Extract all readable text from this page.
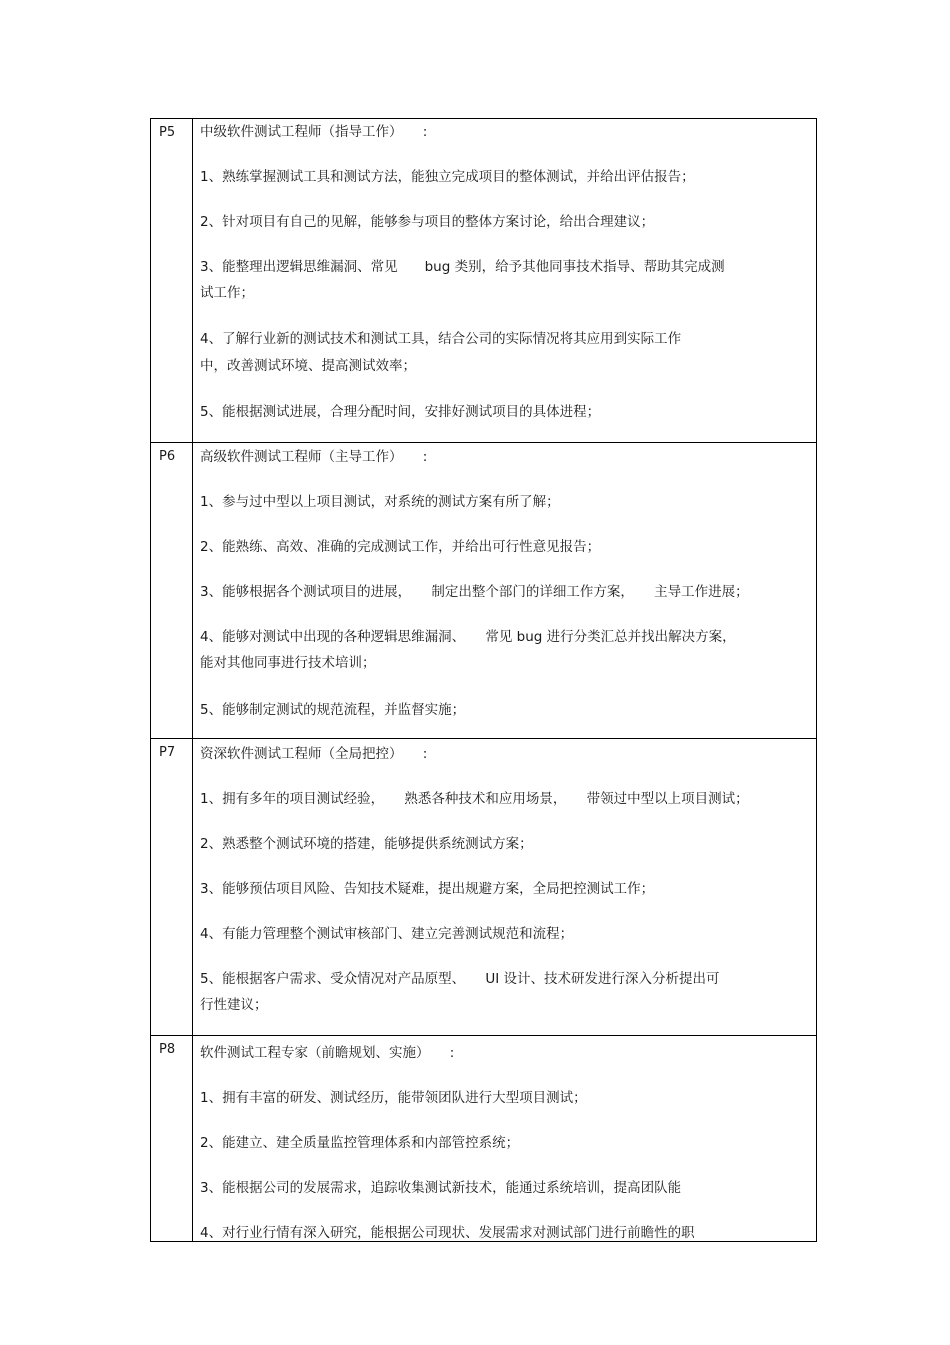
P5 中级软件测试工程师（指导工作）　　:
1、熟练掌握测试工具和测试方法，能独立完成项目的整体测试，并给出评估报告；
2、针对项目有自己的见解，能够参与项目的整体方案讨论，给出合理建议；
3、能整理出逻辑思维漏洞、常见　　bug 类别，给予其他同事技术指导、帮助其完成测
试工作；
4、了解行业新的测试技术和测试工具，结合公司的实际情况将其应用到实际工作
中，改善测试环境、提高测试效率；
5、能根据测试进展，合理分配时间，安排好测试项目的具体进程；
P6 高级软件测试工程师（主导工作）　　:
1、参与过中型以上项目测试，对系统的测试方案有所了解；
2、能熟练、高效、准确的完成测试工作，并给出可行性意见报告；
3、能够根据各个测试项目的进展，　　制定出整个部门的详细工作方案，　　主导工作进展；
4、能够对测试中出现的各种逻辑思维漏洞、　　常见 bug 进行分类汇总并找出解决方案，
能对其他同事进行技术培训；
5、能够制定测试的规范流程，并监督实施；
P7 资深软件测试工程师（全局把控）　　:
1、拥有多年的项目测试经验，　　熟悉各种技术和应用场景，　　带领过中型以上项目测试；
2、熟悉整个测试环境的搭建，能够提供系统测试方案；
3、能够预估项目风险、告知技术疑难，提出规避方案，全局把控测试工作；
4、有能力管理整个测试审核部门、建立完善测试规范和流程；
5、能根据客户需求、受众情况对产品原型、　　UI 设计、技术研发进行深入分析提出可
行性建议；
P8 软件测试工程专家（前瞻规划、实施）　　:
1、拥有丰富的研发、测试经历，能带领团队进行大型项目测试；
2、能建立、建全质量监控管理体系和内部管控系统；
3、能根据公司的发展需求，追踪收集测试新技术，能通过系统培训，提高团队能
4、对行业行情有深入研究，能根据公司现状、发展需求对测试部门进行前瞻性的职
